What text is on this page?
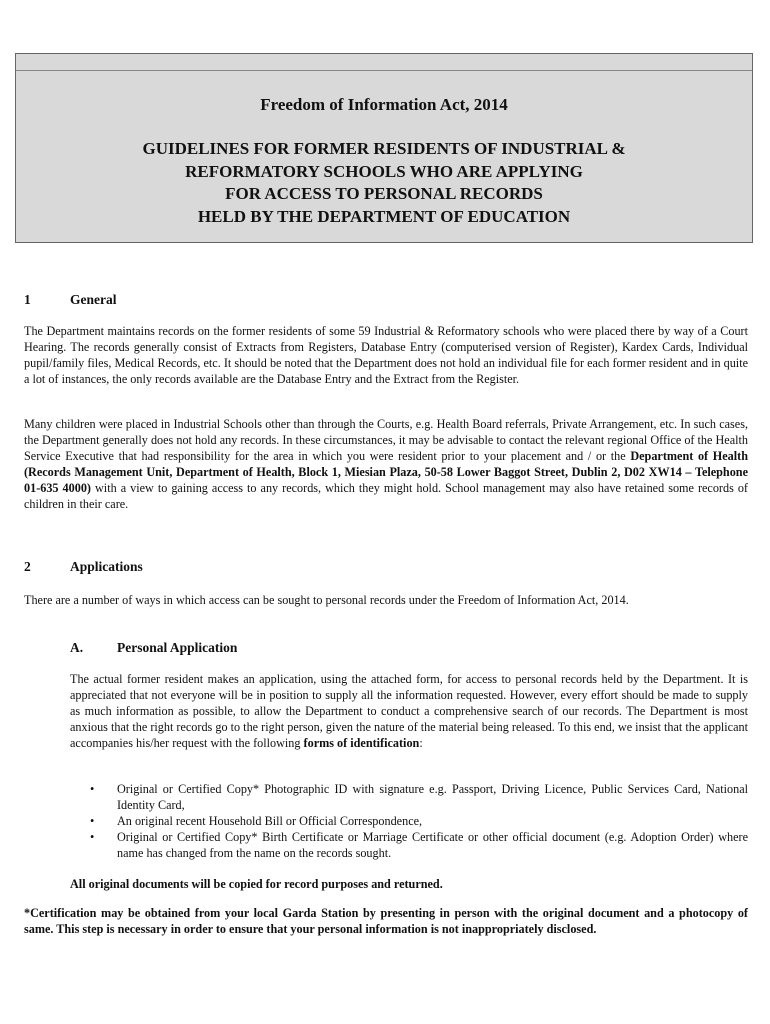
Freedom of Information Act, 2014
GUIDELINES FOR FORMER RESIDENTS OF INDUSTRIAL &
REFORMATORY SCHOOLS WHO ARE APPLYING
FOR ACCESS TO PERSONAL RECORDS
HELD BY THE DEPARTMENT OF EDUCATION
1	General
The Department maintains records on the former residents of some 59 Industrial & Reformatory schools who were placed there by way of a Court Hearing. The records generally consist of Extracts from Registers, Database Entry (computerised version of Register), Kardex Cards, Individual pupil/family files, Medical Records, etc. It should be noted that the Department does not hold an individual file for each former resident and in quite a lot of instances, the only records available are the Database Entry and the Extract from the Register.
Many children were placed in Industrial Schools other than through the Courts, e.g. Health Board referrals, Private Arrangement, etc. In such cases, the Department generally does not hold any records. In these circumstances, it may be advisable to contact the relevant regional Office of the Health Service Executive that had responsibility for the area in which you were resident prior to your placement and / or the Department of Health (Records Management Unit, Department of Health, Block 1, Miesian Plaza, 50-58 Lower Baggot Street, Dublin 2, D02 XW14 – Telephone 01-635 4000) with a view to gaining access to any records, which they might hold. School management may also have retained some records of children in their care.
2	Applications
There are a number of ways in which access can be sought to personal records under the Freedom of Information Act, 2014.
A.	Personal Application
The actual former resident makes an application, using the attached form, for access to personal records held by the Department. It is appreciated that not everyone will be in position to supply all the information requested. However, every effort should be made to supply as much information as possible, to allow the Department to conduct a comprehensive search of our records. The Department is most anxious that the right records go to the right person, given the nature of the material being released. To this end, we insist that the applicant accompanies his/her request with the following forms of identification:
• Original or Certified Copy* Photographic ID with signature e.g. Passport, Driving Licence, Public Services Card, National Identity Card,
• An original recent Household Bill or Official Correspondence,
• Original or Certified Copy* Birth Certificate or Marriage Certificate or other official document (e.g. Adoption Order) where name has changed from the name on the records sought.
All original documents will be copied for record purposes and returned.
*Certification may be obtained from your local Garda Station by presenting in person with the original document and a photocopy of same. This step is necessary in order to ensure that your personal information is not inappropriately disclosed.
